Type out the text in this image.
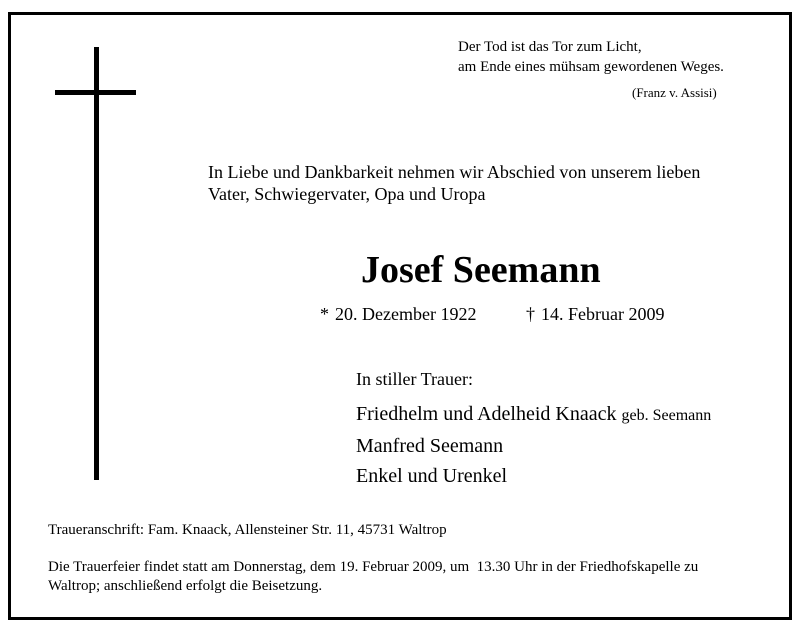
Der Tod ist das Tor zum Licht,
am Ende eines mühsam gewordenen Weges.
(Franz v. Assisi)
In Liebe und Dankbarkeit nehmen wir Abschied von unserem lieben
Vater, Schwiegervater, Opa und Uropa
Josef Seemann
* 20. Dezember 1922	† 14. Februar 2009
In stiller Trauer:
Friedhelm und Adelheid Knaack geb. Seemann
Manfred Seemann
Enkel und Urenkel
Traueranschrift: Fam. Knaack, Allensteiner Str. 11, 45731 Waltrop
Die Trauerfeier findet statt am Donnerstag, dem 19. Februar 2009, um  13.30 Uhr in der Friedhofskapelle zu
Waltrop; anschließend erfolgt die Beisetzung.
